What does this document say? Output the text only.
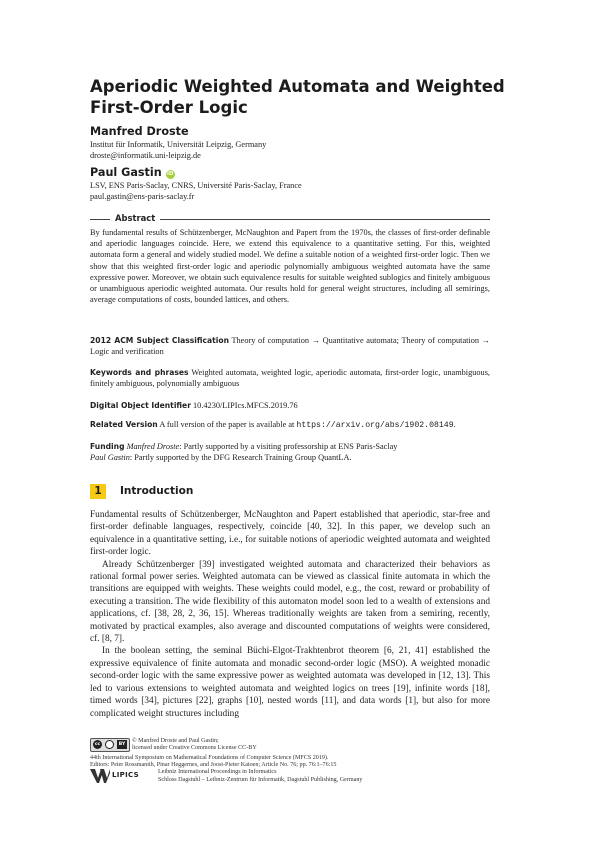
Aperiodic Weighted Automata and Weighted
First-Order Logic
Manfred Droste
Institut für Informatik, Universität Leipzig, Germany
droste@informatik.uni-leipzig.de
Paul Gastin iD
LSV, ENS Paris-Saclay, CNRS, Université Paris-Saclay, France
paul.gastin@ens-paris-saclay.fr
Abstract

By fundamental results of Schützenberger, McNaughton and Papert from the 1970s, the classes of first-order definable and aperiodic languages coincide. Here, we extend this equivalence to a quantitative setting. For this, weighted automata form a general and widely studied model. We define a suitable notion of a weighted first-order logic. Then we show that this weighted first-order logic and aperiodic polynomially ambiguous weighted automata have the same expressive power. Moreover, we obtain such equivalence results for suitable weighted sublogics and finitely ambiguous or unambiguous aperiodic weighted automata. Our results hold for general weight structures, including all semirings, average computations of costs, bounded lattices, and others.

2012 ACM Subject Classification Theory of computation → Quantitative automata; Theory of computation → Logic and verification

Keywords and phrases Weighted automata, weighted logic, aperiodic automata, first-order logic, unambiguous, finitely ambiguous, polynomially ambiguous

Digital Object Identifier 10.4230/LIPIcs.MFCS.2019.76

Related Version A full version of the paper is available at https://arxiv.org/abs/1902.08149.

Funding Manfred Droste: Partly supported by a visiting professorship at ENS Paris-Saclay
Paul Gastin: Partly supported by the DFG Research Training Group QuantLA.

1	Introduction

Fundamental results of Schützenberger, McNaughton and Papert established that aperiodic, star-free and first-order definable languages, respectively, coincide [40, 32]. In this paper, we develop such an equivalence in a quantitative setting, i.e., for suitable notions of aperiodic weighted automata and weighted first-order logic.

Already Schützenberger [39] investigated weighted automata and characterized their behaviors as rational formal power series. Weighted automata can be viewed as classical finite automata in which the transitions are equipped with weights. These weights could model, e.g., the cost, reward or probability of executing a transition. The wide flexibility of this automaton model soon led to a wealth of extensions and applications, cf. [38, 28, 2, 36, 15]. Whereas traditionally weights are taken from a semiring, recently, motivated by practical examples, also average and discounted computations of weights were considered, cf. [8, 7].

In the boolean setting, the seminal Büchi-Elgot-Trakhtenbrot theorem [6, 21, 41] established the expressive equivalence of finite automata and monadic second-order logic (MSO). A weighted monadic second-order logic with the same expressive power as weighted automata was developed in [12, 13]. This led to various extensions to weighted automata and weighted logics on trees [19], infinite words [18], timed words [34], pictures [22], graphs [10], nested words [11], and data words [1], but also for more complicated weight structures including

cc	BY
© Manfred Droste and Paul Gastin;
licensed under Creative Commons License CC-BY
44th International Symposium on Mathematical Foundations of Computer Science (MFCS 2019).
Editors: Peter Rossmanith, Pinar Heggernes, and Joost-Pieter Katoen; Article No. 76; pp. 76:1–76:15
Leibniz International Proceedings in Informatics
Schloss Dagstuhl – Leibniz-Zentrum für Informatik, Dagstuhl Publishing, Germany
LIPICS
